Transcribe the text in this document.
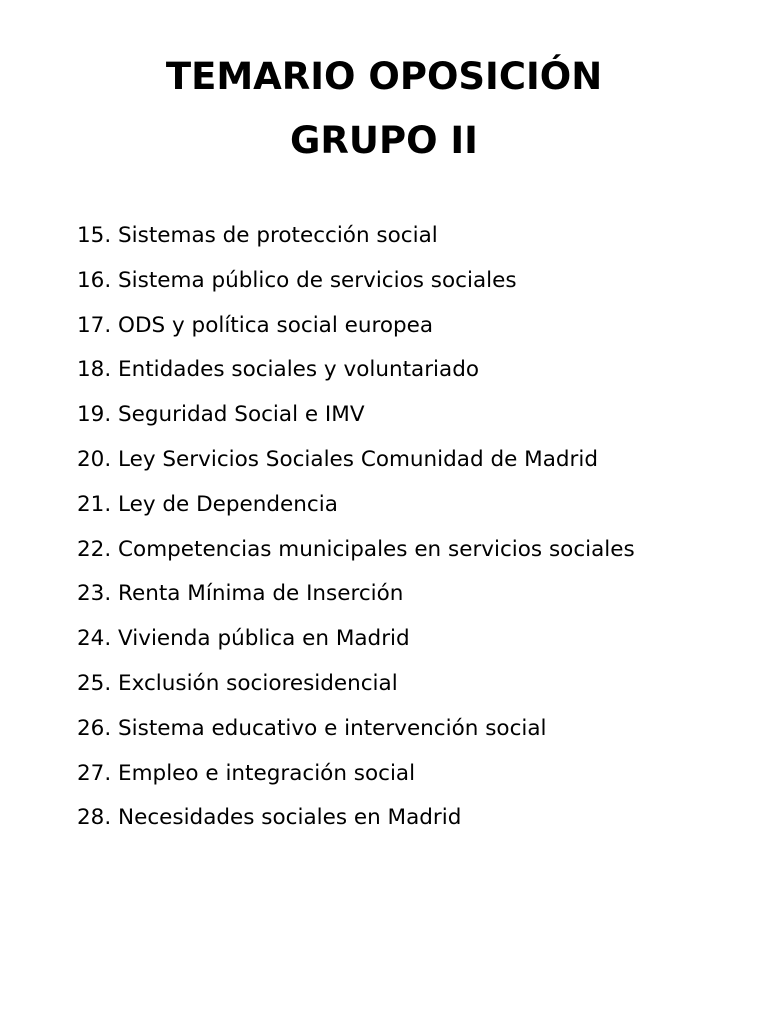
TEMARIO OPOSICIÓN
GRUPO II
15. Sistemas de protección social
16. Sistema público de servicios sociales
17. ODS y política social europea
18. Entidades sociales y voluntariado
19. Seguridad Social e IMV
20. Ley Servicios Sociales Comunidad de Madrid
21. Ley de Dependencia
22. Competencias municipales en servicios sociales
23. Renta Mínima de Inserción
24. Vivienda pública en Madrid
25. Exclusión socioresidencial
26. Sistema educativo e intervención social
27. Empleo e integración social
28. Necesidades sociales en Madrid
